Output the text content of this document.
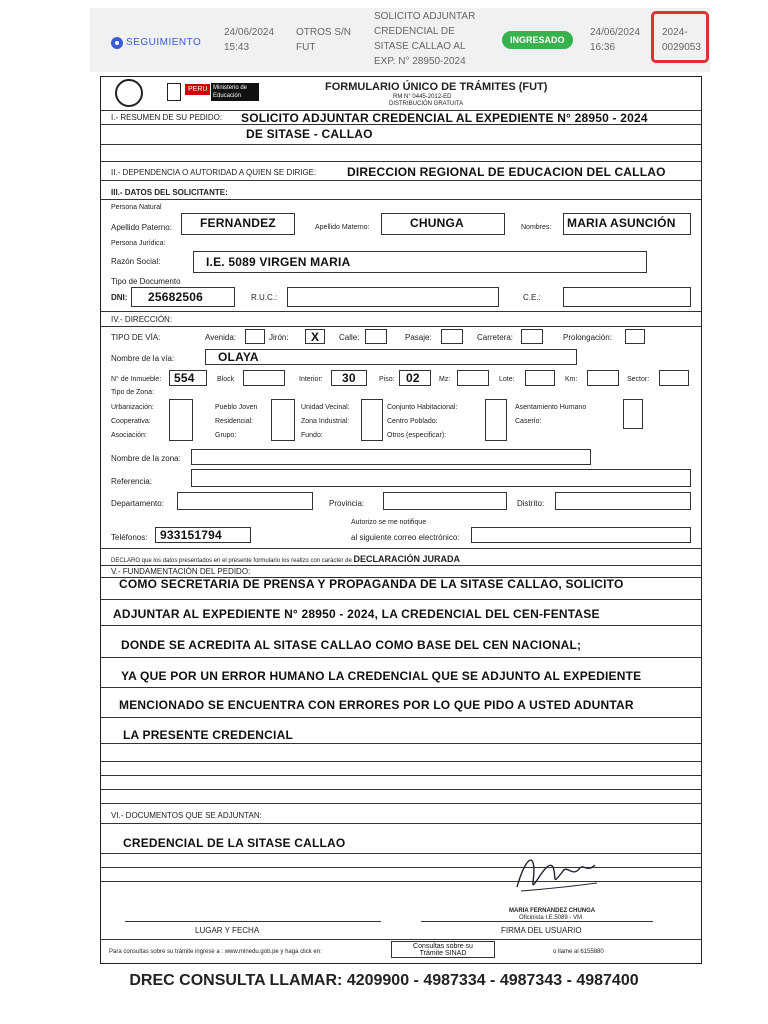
SEGUIMIENTO
24/06/2024
15:43
OTROS S/N
FUT
SOLICITO ADJUNTAR
CREDENCIAL DE
SITASE CALLAO AL
EXP. N° 28950-2024
INGRESADO
24/06/2024
16:36
2024-
0029053
PERÚ Ministerio de Educación
FORMULARIO ÚNICO DE TRÁMITES (FUT)
RM N° 0445-2012-ED
DISTRIBUCIÓN GRATUITA
I.- RESUMEN DE SU PEDIDO: SOLICITO ADJUNTAR CREDENCIAL AL EXPEDIENTE N° 28950 - 2024
DE SITASE - CALLAO
II.- DEPENDENCIA O AUTORIDAD A QUIEN SE DIRIGE:	DIRECCION REGIONAL DE EDUCACION DEL CALLAO
III.- DATOS DEL SOLICITANTE:
Persona Natural
Apellido Paterno: FERNANDEZ	Apellido Materno:	CHUNGA	Nombres: MARIA ASUNCIÓN
Persona Jurídica:
Razón Social:	I.E. 5089 VIRGEN MARIA
Tipo de Documento
DNI: 25682506	R.U.C.:	C.E.:
IV.- DIRECCIÓN:
TIPO DE VÍA:	Avenida:	Jirón: X Calle:	Pasaje:	Carretera:	Prolongación:
Nombre de la vía:	OLAYA
N° de Inmueble: 554	Block	Interior: 30	Piso: 02	Mz:	Lote:	Km:	Sector:
Tipo de Zona:
Urbanización:
Cooperativa:
Asociación:
Pueblo Joven
Residencial:
Grupo:
Unidad Vecinal:
Zona Industrial:
Fundo:
Conjunto Habitacional:
Centro Poblado:
Otros (especificar):
Asentamiento Humano
Caserío:
Nombre de la zona:
Referencia:
Departamento:	Provincia:	Distrito:
Autorizo se me notifique
Teléfonos: 933151794	al siguiente correo electrónico:
DECLARO que los datos presentados en el presente formulario los realizo con carácter de DECLARACIÓN JURADA
V.- FUNDAMENTACIÓN DEL PEDIDO:
COMO SECRETARIA DE PRENSA Y PROPAGANDA DE LA SITASE CALLAO, SOLICITO
ADJUNTAR AL EXPEDIENTE N° 28950 - 2024, LA CREDENCIAL DEL CEN-FENTASE
DONDE SE ACREDITA AL SITASE CALLAO COMO BASE DEL CEN NACIONAL;
YA QUE POR UN ERROR HUMANO LA CREDENCIAL QUE SE ADJUNTO AL EXPEDIENTE
MENCIONADO SE ENCUENTRA CON ERRORES POR LO QUE PIDO A USTED ADUNTAR
LA PRESENTE CREDENCIAL
VI.- DOCUMENTOS QUE SE ADJUNTAN:
CREDENCIAL DE LA SITASE CALLAO
MARIA FERNANDEZ CHUNGA
Oficinista I.E.5089 - VM
LUGAR Y FECHA	FIRMA DEL USUARIO
Para consultas sobre su trámite ingrese a : www.minedu.gob.pe y haga click en:
Consultas sobre su
Trámite SINAD	o llame al 6155880
DREC CONSULTA LLAMAR: 4209900 - 4987334 - 4987343 - 4987400
